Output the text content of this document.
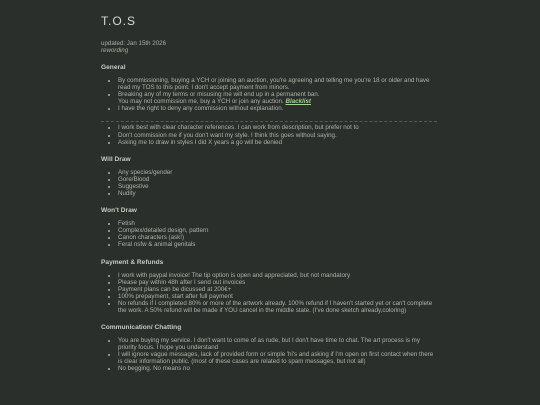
T.O.S
updated: Jan 15th 2026
rewording
General
• By commissioning, buying a YCH or joining an auction, you're agreeing and telling me you're 18 or older and have read my TOS to this point. I don't accept payment from minors.
• Breaking any of my terms or misusing me will end up in a permanent ban.
You may not commission me, buy a YCH or join any auction. Blacklist
• I have the right to deny any commission without explanation.
• I work best with clear character references. I can work from description, but prefer not to
• Don't commission me if you don't want my style. I think this goes without saying.
• Asking me to draw in styles I did X years a go will be denied
Will Draw
• Any species/gender
• Gore/Blood
• Suggestive
• Nudity
Won't Draw
• Fetish
• Complex/detailed design, pattern
• Canon characters (ask!)
• Feral nsfw & animal genitals
Payment & Refunds
• I work with paypal invoice! The tip option is open and appreciated, but not mandatory
• Please pay within 48h after I send out invoices
• Payment plans can be dicussed at 200€+
• 100% prepayment, start after full payment
• No refunds if I completed 80% or more of the artwork already. 100% refund if I haven't started yet or can't complete the work. A 50% refund will be made if YOU cancel in the middle state. (I've done sketch already,coloring)
Communication/ Chatting
• You are buying my service. I don't want to come of as rude, but I don't have time to chat. The art process is my priority focus. I hope you understand
• I will ignore vague messages, lack of provided form or simple 'hi's and asking if I'm open on first contact when there is clear information public. (most of these cases are related to spam messages, but not all)
• No begging. No means no
